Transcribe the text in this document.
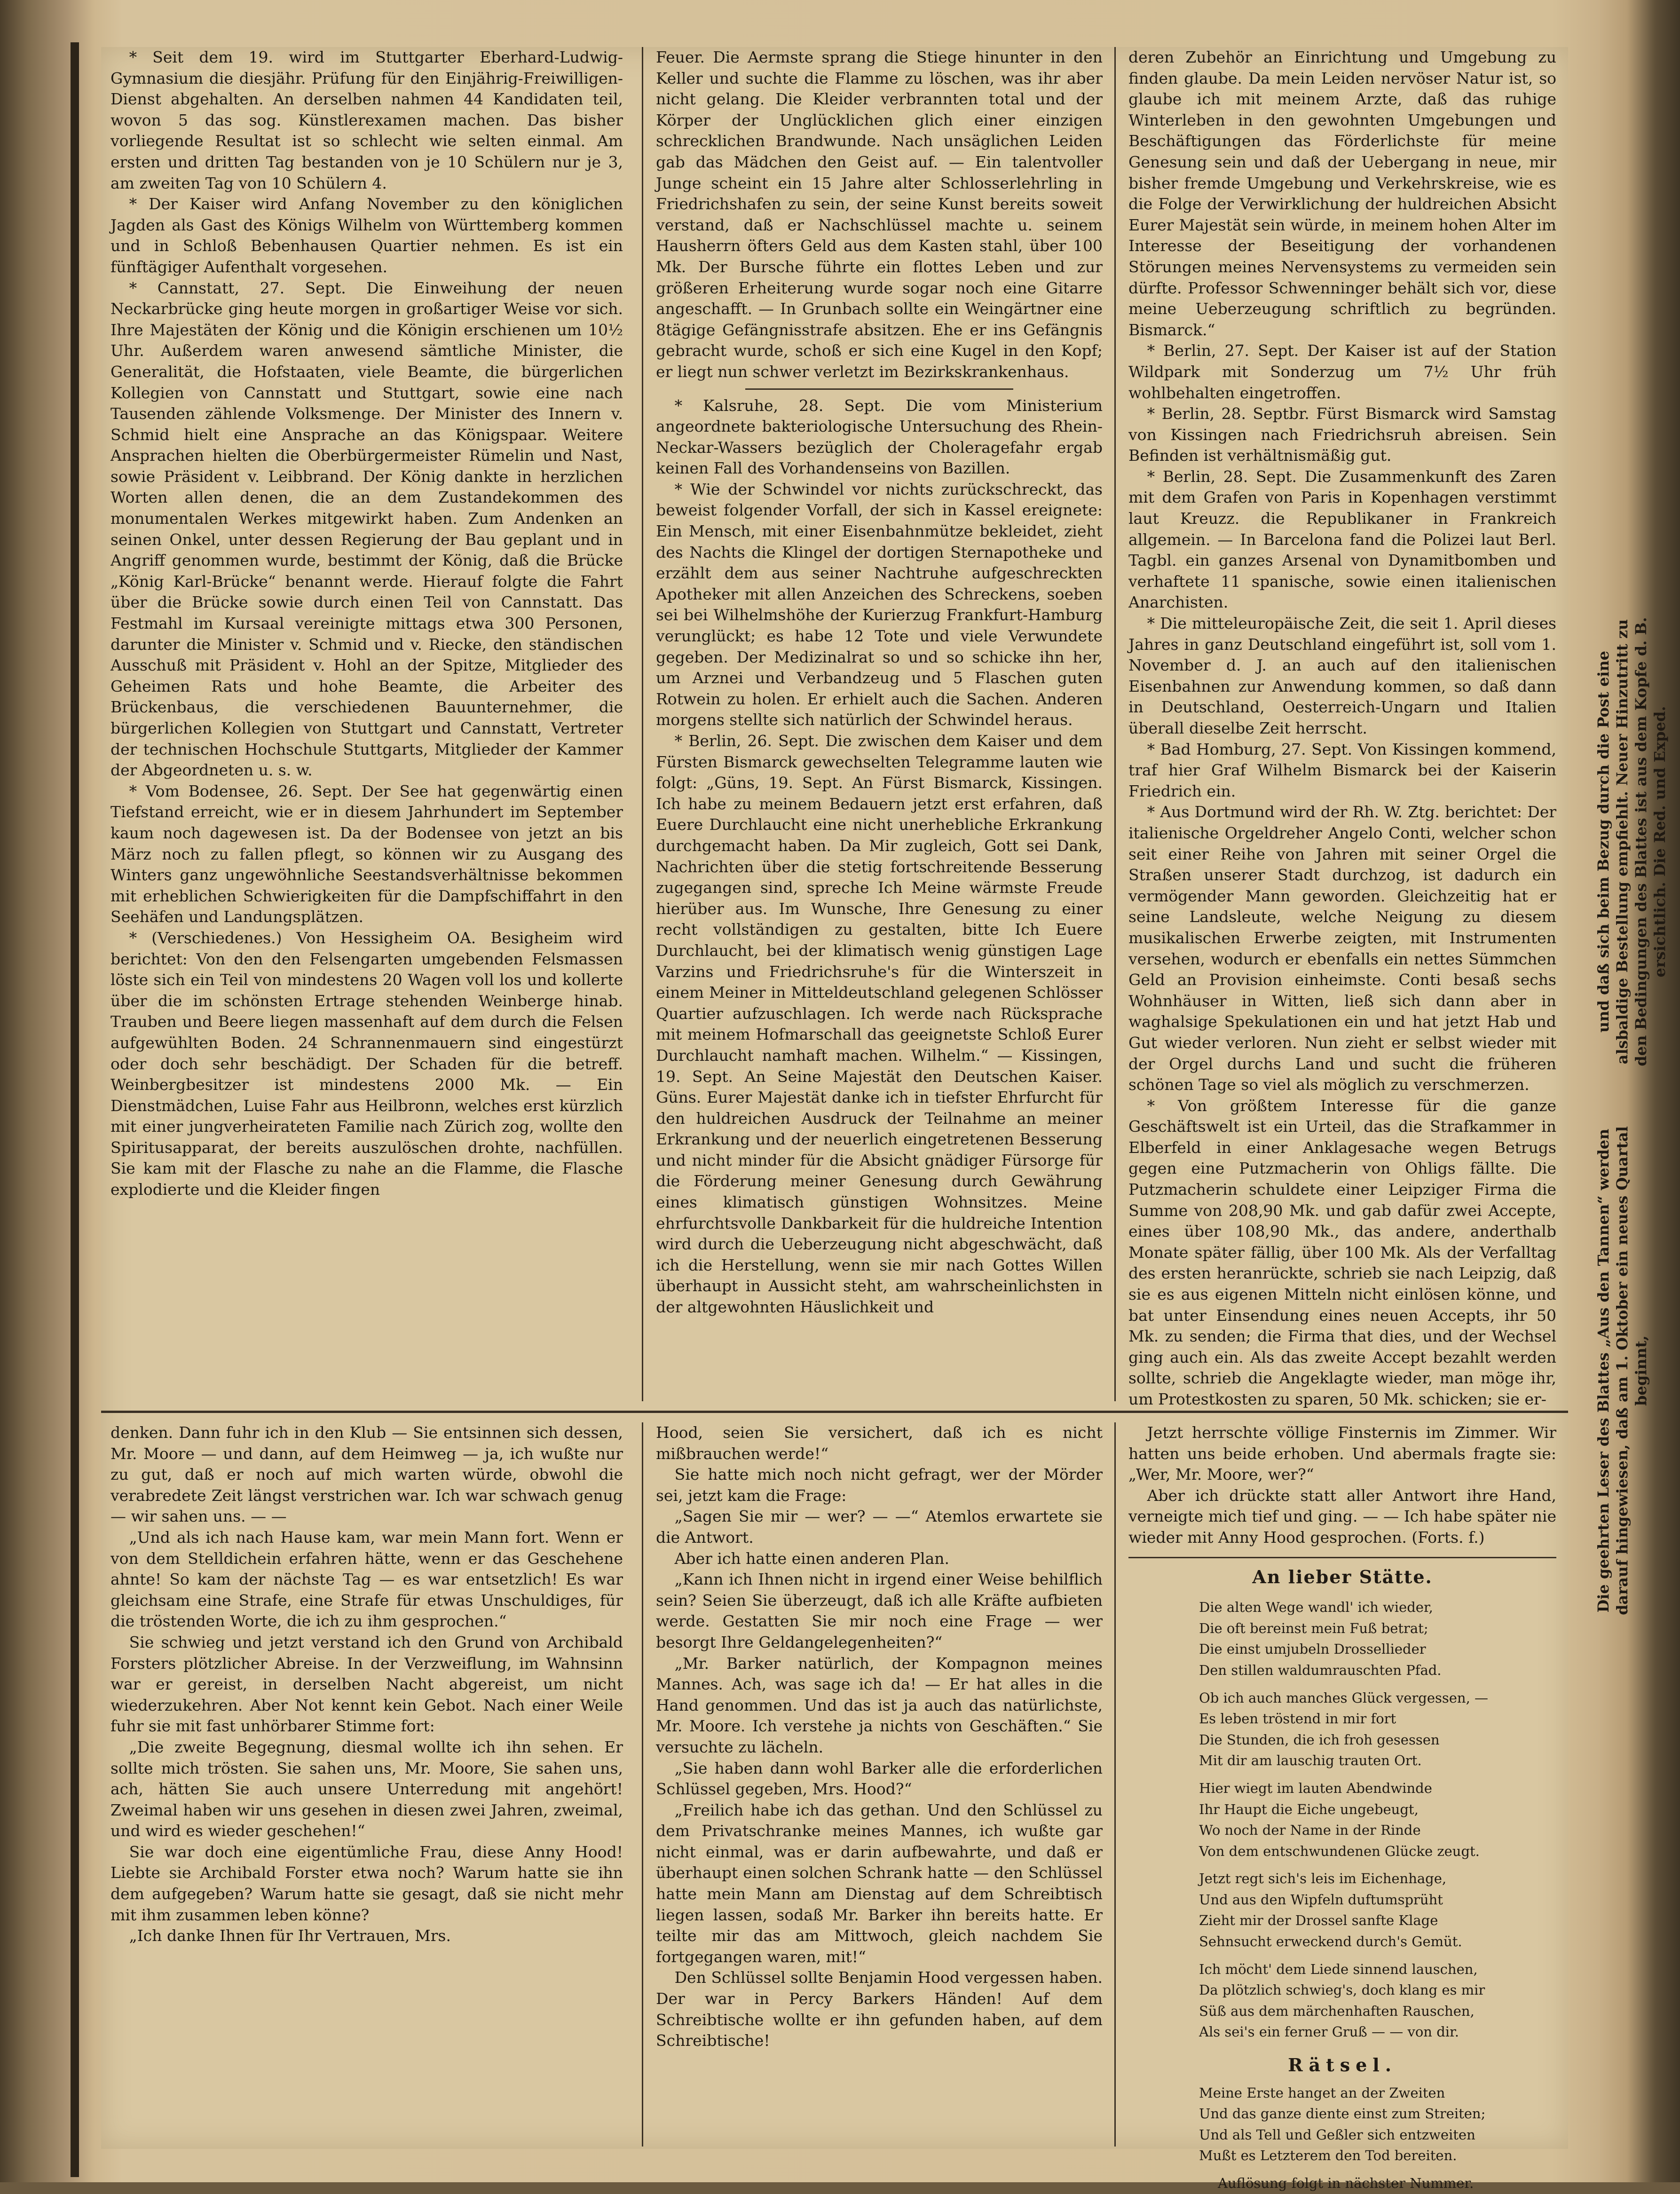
* Seit dem 19. wird im Stuttgarter Eberhard-Ludwig-Gymnasium die diesjähr. Prüfung für den Einjährig-Freiwilligen-Dienst abgehalten. An derselben nahmen 44 Kandidaten teil, wovon 5 das sog. Künstlerexamen machen. Das bisher vorliegende Resultat ist so schlecht wie selten einmal. Am ersten und dritten Tag bestanden von je 10 Schülern nur je 3, am zweiten Tag von 10 Schülern 4.

* Der Kaiser wird Anfang November zu den königlichen Jagden als Gast des Königs Wilhelm von Württemberg kommen und in Schloß Bebenhausen Quartier nehmen. Es ist ein fünftägiger Aufenthalt vorgesehen.

* Cannstatt, 27. Sept. Die Einweihung der neuen Neckarbrücke ging heute morgen in großartiger Weise vor sich. Ihre Majestäten der König und die Königin erschienen um 10½ Uhr. Außerdem waren anwesend sämtliche Minister, die Generalität, die Hofstaaten, viele Beamte, die bürgerlichen Kollegien von Cannstatt und Stuttgart, sowie eine nach Tausenden zählende Volksmenge. Der Minister des Innern v. Schmid hielt eine Ansprache an das Königspaar. Weitere Ansprachen hielten die Oberbürgermeister Rümelin und Nast, sowie Präsident v. Leibbrand. Der König dankte in herzlichen Worten allen denen, die an dem Zustandekommen des monumentalen Werkes mitgewirkt haben. Zum Andenken an seinen Onkel, unter dessen Regierung der Bau geplant und in Angriff genommen wurde, bestimmt der König, daß die Brücke „König Karl-Brücke“ benannt werde. Hierauf folgte die Fahrt über die Brücke sowie durch einen Teil von Cannstatt. Das Festmahl im Kursaal vereinigte mittags etwa 300 Personen, darunter die Minister v. Schmid und v. Riecke, den ständischen Ausschuß mit Präsident v. Hohl an der Spitze, Mitglieder des Geheimen Rats und hohe Beamte, die Arbeiter des Brückenbaus, die verschiedenen Bauunternehmer, die bürgerlichen Kollegien von Stuttgart und Cannstatt, Vertreter der technischen Hochschule Stuttgarts, Mitglieder der Kammer der Abgeordneten u. s. w.

* Vom Bodensee, 26. Sept. Der See hat gegenwärtig einen Tiefstand erreicht, wie er in diesem Jahrhundert im September kaum noch dagewesen ist. Da der Bodensee von jetzt an bis März noch zu fallen pflegt, so können wir zu Ausgang des Winters ganz ungewöhnliche Seestandsverhältnisse bekommen mit erheblichen Schwierigkeiten für die Dampfschiffahrt in den Seehäfen und Landungsplätzen.

* (Verschiedenes.) Von Hessigheim OA. Besigheim wird berichtet: Von den den Felsengarten umgebenden Felsmassen löste sich ein Teil von mindestens 20 Wagen voll los und kollerte über die im schönsten Ertrage stehenden Weinberge hinab. Trauben und Beere liegen massenhaft auf dem durch die Felsen aufgewühlten Boden. 24 Schrannenmauern sind eingestürzt oder doch sehr beschädigt. Der Schaden für die betreff. Weinbergbesitzer ist mindestens 2000 Mk. — Ein Dienstmädchen, Luise Fahr aus Heilbronn, welches erst kürzlich mit einer jungverheirateten Familie nach Zürich zog, wollte den Spiritusapparat, der bereits auszulöschen drohte, nachfüllen. Sie kam mit der Flasche zu nahe an die Flamme, die Flasche explodierte und die Kleider fingen

Feuer. Die Aermste sprang die Stiege hinunter in den Keller und suchte die Flamme zu löschen, was ihr aber nicht gelang. Die Kleider verbrannten total und der Körper der Unglücklichen glich einer einzigen schrecklichen Brandwunde. Nach unsäglichen Leiden gab das Mädchen den Geist auf. — Ein talentvoller Junge scheint ein 15 Jahre alter Schlosserlehrling in Friedrichshafen zu sein, der seine Kunst bereits soweit verstand, daß er Nachschlüssel machte u. seinem Hausherrn öfters Geld aus dem Kasten stahl, über 100 Mk. Der Bursche führte ein flottes Leben und zur größeren Erheiterung wurde sogar noch eine Gitarre angeschafft. — In Grunbach sollte ein Weingärtner eine 8tägige Gefängnisstrafe absitzen. Ehe er ins Gefängnis gebracht wurde, schoß er sich eine Kugel in den Kopf; er liegt nun schwer verletzt im Bezirkskrankenhaus.

* Kalsruhe, 28. Sept. Die vom Ministerium angeordnete bakteriologische Untersuchung des Rhein-Neckar-Wassers bezüglich der Choleragefahr ergab keinen Fall des Vorhandenseins von Bazillen.

* Wie der Schwindel vor nichts zurückschreckt, das beweist folgender Vorfall, der sich in Kassel ereignete: Ein Mensch, mit einer Eisenbahnmütze bekleidet, zieht des Nachts die Klingel der dortigen Sternapotheke und erzählt dem aus seiner Nachtruhe aufgeschreckten Apotheker mit allen Anzeichen des Schreckens, soeben sei bei Wilhelmshöhe der Kurierzug Frankfurt-Hamburg verunglückt; es habe 12 Tote und viele Verwundete gegeben. Der Medizinalrat so und so schicke ihn her, um Arznei und Verbandzeug und 5 Flaschen guten Rotwein zu holen. Er erhielt auch die Sachen. Anderen morgens stellte sich natürlich der Schwindel heraus.

* Berlin, 26. Sept. Die zwischen dem Kaiser und dem Fürsten Bismarck gewechselten Telegramme lauten wie folgt: „Güns, 19. Sept. An Fürst Bismarck, Kissingen. Ich habe zu meinem Bedauern jetzt erst erfahren, daß Euere Durchlaucht eine nicht unerhebliche Erkrankung durchgemacht haben. Da Mir zugleich, Gott sei Dank, Nachrichten über die stetig fortschreitende Besserung zugegangen sind, spreche Ich Meine wärmste Freude hierüber aus. Im Wunsche, Ihre Genesung zu einer recht vollständigen zu gestalten, bitte Ich Euere Durchlaucht, bei der klimatisch wenig günstigen Lage Varzins und Friedrichsruhe's für die Winterszeit in einem Meiner in Mitteldeutschland gelegenen Schlösser Quartier aufzuschlagen. Ich werde nach Rücksprache mit meinem Hofmarschall das geeignetste Schloß Eurer Durchlaucht namhaft machen. Wilhelm.“ — Kissingen, 19. Sept. An Seine Majestät den Deutschen Kaiser. Güns. Eurer Majestät danke ich in tiefster Ehrfurcht für den huldreichen Ausdruck der Teilnahme an meiner Erkrankung und der neuerlich eingetretenen Besserung und nicht minder für die Absicht gnädiger Fürsorge für die Förderung meiner Genesung durch Gewährung eines klimatisch günstigen Wohnsitzes. Meine ehrfurchtsvolle Dankbarkeit für die huldreiche Intention wird durch die Ueberzeugung nicht abgeschwächt, daß ich die Herstellung, wenn sie mir nach Gottes Willen überhaupt in Aussicht steht, am wahrscheinlichsten in der altgewohnten Häuslichkeit und

deren Zubehör an Einrichtung und Umgebung zu finden glaube. Da mein Leiden nervöser Natur ist, so glaube ich mit meinem Arzte, daß das ruhige Winterleben in den gewohnten Umgebungen und Beschäftigungen das Förderlichste für meine Genesung sein und daß der Uebergang in neue, mir bisher fremde Umgebung und Verkehrskreise, wie es die Folge der Verwirklichung der huldreichen Absicht Eurer Majestät sein würde, in meinem hohen Alter im Interesse der Beseitigung der vorhandenen Störungen meines Nervensystems zu vermeiden sein dürfte. Professor Schwenninger behält sich vor, diese meine Ueberzeugung schriftlich zu begründen. Bismarck.“

* Berlin, 27. Sept. Der Kaiser ist auf der Station Wildpark mit Sonderzug um 7½ Uhr früh wohlbehalten eingetroffen.

* Berlin, 28. Septbr. Fürst Bismarck wird Samstag von Kissingen nach Friedrichsruh abreisen. Sein Befinden ist verhältnismäßig gut.

* Berlin, 28. Sept. Die Zusammenkunft des Zaren mit dem Grafen von Paris in Kopenhagen verstimmt laut Kreuzz. die Republikaner in Frankreich allgemein. — In Barcelona fand die Polizei laut Berl. Tagbl. ein ganzes Arsenal von Dynamitbomben und verhaftete 11 spanische, sowie einen italienischen Anarchisten.

* Die mitteleuropäische Zeit, die seit 1. April dieses Jahres in ganz Deutschland eingeführt ist, soll vom 1. November d. J. an auch auf den italienischen Eisenbahnen zur Anwendung kommen, so daß dann in Deutschland, Oesterreich-Ungarn und Italien überall dieselbe Zeit herrscht.

* Bad Homburg, 27. Sept. Von Kissingen kommend, traf hier Graf Wilhelm Bismarck bei der Kaiserin Friedrich ein.

* Aus Dortmund wird der Rh. W. Ztg. berichtet: Der italienische Orgeldreher Angelo Conti, welcher schon seit einer Reihe von Jahren mit seiner Orgel die Straßen unserer Stadt durchzog, ist dadurch ein vermögender Mann geworden. Gleichzeitig hat er seine Landsleute, welche Neigung zu diesem musikalischen Erwerbe zeigten, mit Instrumenten versehen, wodurch er ebenfalls ein nettes Sümmchen Geld an Provision einheimste. Conti besaß sechs Wohnhäuser in Witten, ließ sich dann aber in waghalsige Spekulationen ein und hat jetzt Hab und Gut wieder verloren. Nun zieht er selbst wieder mit der Orgel durchs Land und sucht die früheren schönen Tage so viel als möglich zu verschmerzen.

* Von größtem Interesse für die ganze Geschäftswelt ist ein Urteil, das die Strafkammer in Elberfeld in einer Anklagesache wegen Betrugs gegen eine Putzmacherin von Ohligs fällte. Die Putzmacherin schuldete einer Leipziger Firma die Summe von 208,90 Mk. und gab dafür zwei Accepte, eines über 108,90 Mk., das andere, anderthalb Monate später fällig, über 100 Mk. Als der Verfalltag des ersten heranrückte, schrieb sie nach Leipzig, daß sie es aus eigenen Mitteln nicht einlösen könne, und bat unter Einsendung eines neuen Accepts, ihr 50 Mk. zu senden; die Firma that dies, und der Wechsel ging auch ein. Als das zweite Accept bezahlt werden sollte, schrieb die Angeklagte wieder, man möge ihr, um Protestkosten zu sparen, 50 Mk. schicken; sie er-

denken. Dann fuhr ich in den Klub — Sie entsinnen sich dessen, Mr. Moore — und dann, auf dem Heimweg — ja, ich wußte nur zu gut, daß er noch auf mich warten würde, obwohl die verabredete Zeit längst verstrichen war. Ich war schwach genug — wir sahen uns. — —

„Und als ich nach Hause kam, war mein Mann fort. Wenn er von dem Stelldichein erfahren hätte, wenn er das Geschehene ahnte! So kam der nächste Tag — es war entsetzlich! Es war gleichsam eine Strafe, eine Strafe für etwas Unschuldiges, für die tröstenden Worte, die ich zu ihm gesprochen.“

Sie schwieg und jetzt verstand ich den Grund von Archibald Forsters plötzlicher Abreise. In der Verzweiflung, im Wahnsinn war er gereist, in derselben Nacht abgereist, um nicht wiederzukehren. Aber Not kennt kein Gebot. Nach einer Weile fuhr sie mit fast unhörbarer Stimme fort:

„Die zweite Begegnung, diesmal wollte ich ihn sehen. Er sollte mich trösten. Sie sahen uns, Mr. Moore, Sie sahen uns, ach, hätten Sie auch unsere Unterredung mit angehört! Zweimal haben wir uns gesehen in diesen zwei Jahren, zweimal, und wird es wieder geschehen!“

Sie war doch eine eigentümliche Frau, diese Anny Hood! Liebte sie Archibald Forster etwa noch? Warum hatte sie ihn dem aufgegeben? Warum hatte sie gesagt, daß sie nicht mehr mit ihm zusammen leben könne?

„Ich danke Ihnen für Ihr Vertrauen, Mrs.

Hood, seien Sie versichert, daß ich es nicht mißbrauchen werde!“

Sie hatte mich noch nicht gefragt, wer der Mörder sei, jetzt kam die Frage:

„Sagen Sie mir — wer? — —“ Atemlos erwartete sie die Antwort.

Aber ich hatte einen anderen Plan.

„Kann ich Ihnen nicht in irgend einer Weise behilflich sein? Seien Sie überzeugt, daß ich alle Kräfte aufbieten werde. Gestatten Sie mir noch eine Frage — wer besorgt Ihre Geldangelegenheiten?“

„Mr. Barker natürlich, der Kompagnon meines Mannes. Ach, was sage ich da! — Er hat alles in die Hand genommen. Und das ist ja auch das natürlichste, Mr. Moore. Ich verstehe ja nichts von Geschäften.“ Sie versuchte zu lächeln.

„Sie haben dann wohl Barker alle die erforderlichen Schlüssel gegeben, Mrs. Hood?“

„Freilich habe ich das gethan. Und den Schlüssel zu dem Privatschranke meines Mannes, ich wußte gar nicht einmal, was er darin aufbewahrte, und daß er überhaupt einen solchen Schrank hatte — den Schlüssel hatte mein Mann am Dienstag auf dem Schreibtisch liegen lassen, sodaß Mr. Barker ihn bereits hatte. Er teilte mir das am Mittwoch, gleich nachdem Sie fortgegangen waren, mit!“

Den Schlüssel sollte Benjamin Hood vergessen haben. Der war in Percy Barkers Händen! Auf dem Schreibtische wollte er ihn gefunden haben, auf dem Schreibtische!

Jetzt herrschte völlige Finsternis im Zimmer. Wir hatten uns beide erhoben. Und abermals fragte sie: „Wer, Mr. Moore, wer?“

Aber ich drückte statt aller Antwort ihre Hand, verneigte mich tief und ging. — — Ich habe später nie wieder mit Anny Hood gesprochen. (Forts. f.)

An lieber Stätte.
Die alten Wege wandl' ich wieder,
Die oft bereinst mein Fuß betrat;
Die einst umjubeln Drossellieder
Den stillen waldumrauschten Pfad.
Ob ich auch manches Glück vergessen, —
Es leben tröstend in mir fort
Die Stunden, die ich froh gesessen
Mit dir am lauschig trauten Ort.
Hier wiegt im lauten Abendwinde
Ihr Haupt die Eiche ungebeugt,
Wo noch der Name in der Rinde
Von dem entschwundenen Glücke zeugt.
Jetzt regt sich's leis im Eichenhage,
Und aus den Wipfeln duftumsprüht
Zieht mir der Drossel sanfte Klage
Sehnsucht erweckend durch's Gemüt.
Ich möcht' dem Liede sinnend lauschen,
Da plötzlich schwieg's, doch klang es mir
Süß aus dem märchenhaften Rauschen,
Als sei's ein ferner Gruß — — von dir.
Rätsel.
Meine Erste hanget an der Zweiten
Und das ganze diente einst zum Streiten;
Und als Tell und Geßler sich entzweiten
Mußt es Letzterem den Tod bereiten.
Auflösung folgt in nächster Nummer.
und daß sich beim Bezug durch die Post eine alsbaldige Bestellung empfiehlt. Neuer Hinzutritt zu den Bedingungen des Blattes ist aus dem Kopfe d. B. ersichtlich. Die Red. und Exped.
Die geehrten Leser des Blattes „Aus den Tannen“ werden darauf hingewiesen, daß am 1. Oktober ein neues Quartal beginnt,
